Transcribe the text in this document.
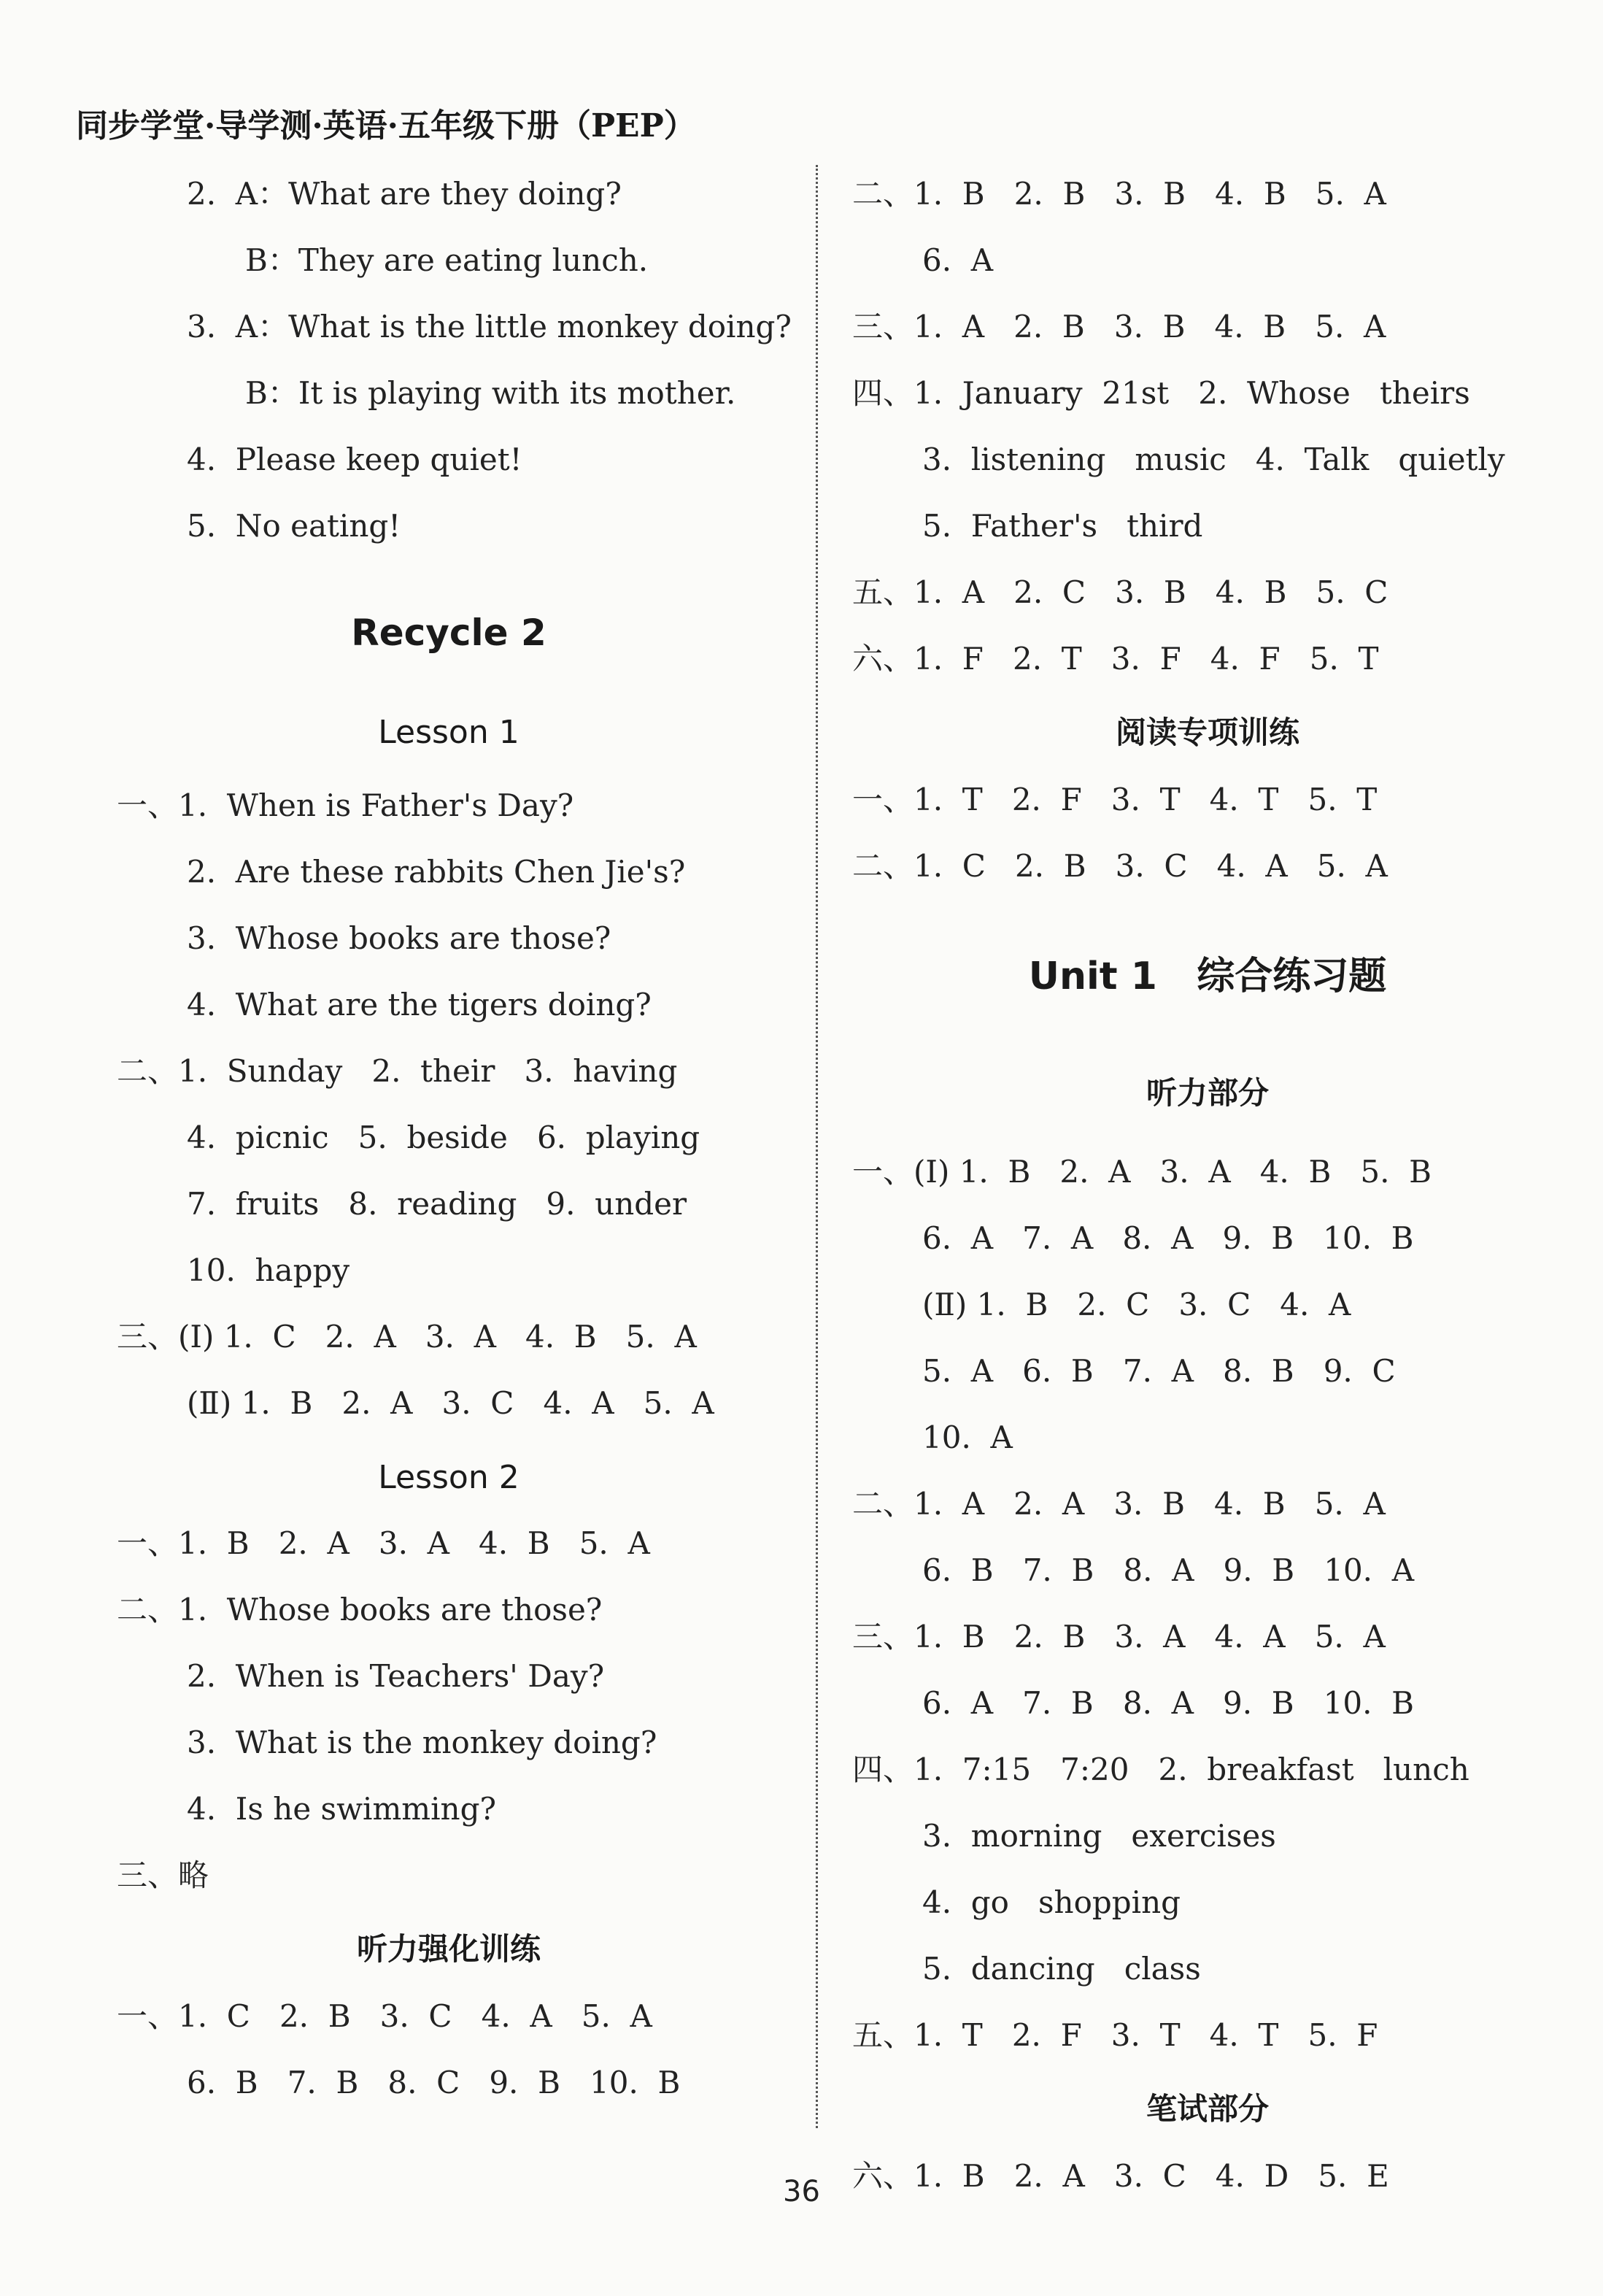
同步学堂·导学测·英语·五年级下册（PEP）
2.  A：What are they doing?
B：They are eating lunch.
3.  A：What is the little monkey doing?
B：It is playing with its mother.
4.  Please keep quiet!
5.  No eating!
Recycle 2
Lesson 1
一、1.  When is Father's Day?
2.  Are these rabbits Chen Jie's?
3.  Whose books are those?
4.  What are the tigers doing?
二、1.  Sunday   2.  their   3.  having
4.  picnic   5.  beside   6.  playing
7.  fruits   8.  reading   9.  under
10.  happy
三、(Ⅰ) 1.  C   2.  A   3.  A   4.  B   5.  A
(Ⅱ) 1.  B   2.  A   3.  C   4.  A   5.  A
Lesson 2
一、1.  B   2.  A   3.  A   4.  B   5.  A
二、1.  Whose books are those?
2.  When is Teachers' Day?
3.  What is the monkey doing?
4.  Is he swimming?
三、略
听力强化训练
一、1.  C   2.  B   3.  C   4.  A   5.  A
6.  B   7.  B   8.  C   9.  B   10.  B
二、1.  B   2.  B   3.  B   4.  B   5.  A
6.  A
三、1.  A   2.  B   3.  B   4.  B   5.  A
四、1.  January  21st   2.  Whose   theirs
3.  listening   music   4.  Talk   quietly
5.  Father's   third
五、1.  A   2.  C   3.  B   4.  B   5.  C
六、1.  F   2.  T   3.  F   4.  F   5.  T
阅读专项训练
一、1.  T   2.  F   3.  T   4.  T   5.  T
二、1.  C   2.  B   3.  C   4.  A   5.  A
Unit 1   综合练习题
听力部分
一、(Ⅰ) 1.  B   2.  A   3.  A   4.  B   5.  B
6.  A   7.  A   8.  A   9.  B   10.  B
(Ⅱ) 1.  B   2.  C   3.  C   4.  A
5.  A   6.  B   7.  A   8.  B   9.  C
10.  A
二、1.  A   2.  A   3.  B   4.  B   5.  A
6.  B   7.  B   8.  A   9.  B   10.  A
三、1.  B   2.  B   3.  A   4.  A   5.  A
6.  A   7.  B   8.  A   9.  B   10.  B
四、1.  7:15   7:20   2.  breakfast   lunch
3.  morning   exercises
4.  go   shopping
5.  dancing   class
五、1.  T   2.  F   3.  T   4.  T   5.  F
笔试部分
六、1.  B   2.  A   3.  C   4.  D   5.  E
36
